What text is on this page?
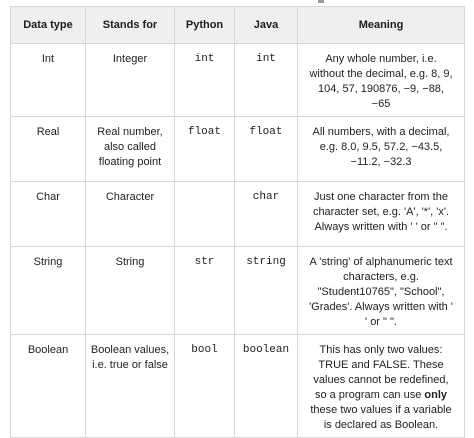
Data type	Stands for	Python	Java	Meaning
Int	Integer	int	int	Any whole number, i.e. without the decimal, e.g. 8, 9, 104, 57, 190876, −9, −88, −65
Real	Real number, also called floating point	float	float	All numbers, with a decimal, e.g. 8.0, 9.5, 57.2, −43.5, −11.2, −32.3
Char	Character		char	Just one character from the character set, e.g. 'A', '*', 'x'. Always written with ' ' or " ".
String	String	str	string	A 'string' of alphanumeric text characters, e.g. "Student10765", "School", 'Grades'. Always written with ' ' or " ".
Boolean	Boolean values, i.e. true or false	bool	boolean	This has only two values: TRUE and FALSE. These values cannot be redefined, so a program can use only these two values if a variable is declared as Boolean.
